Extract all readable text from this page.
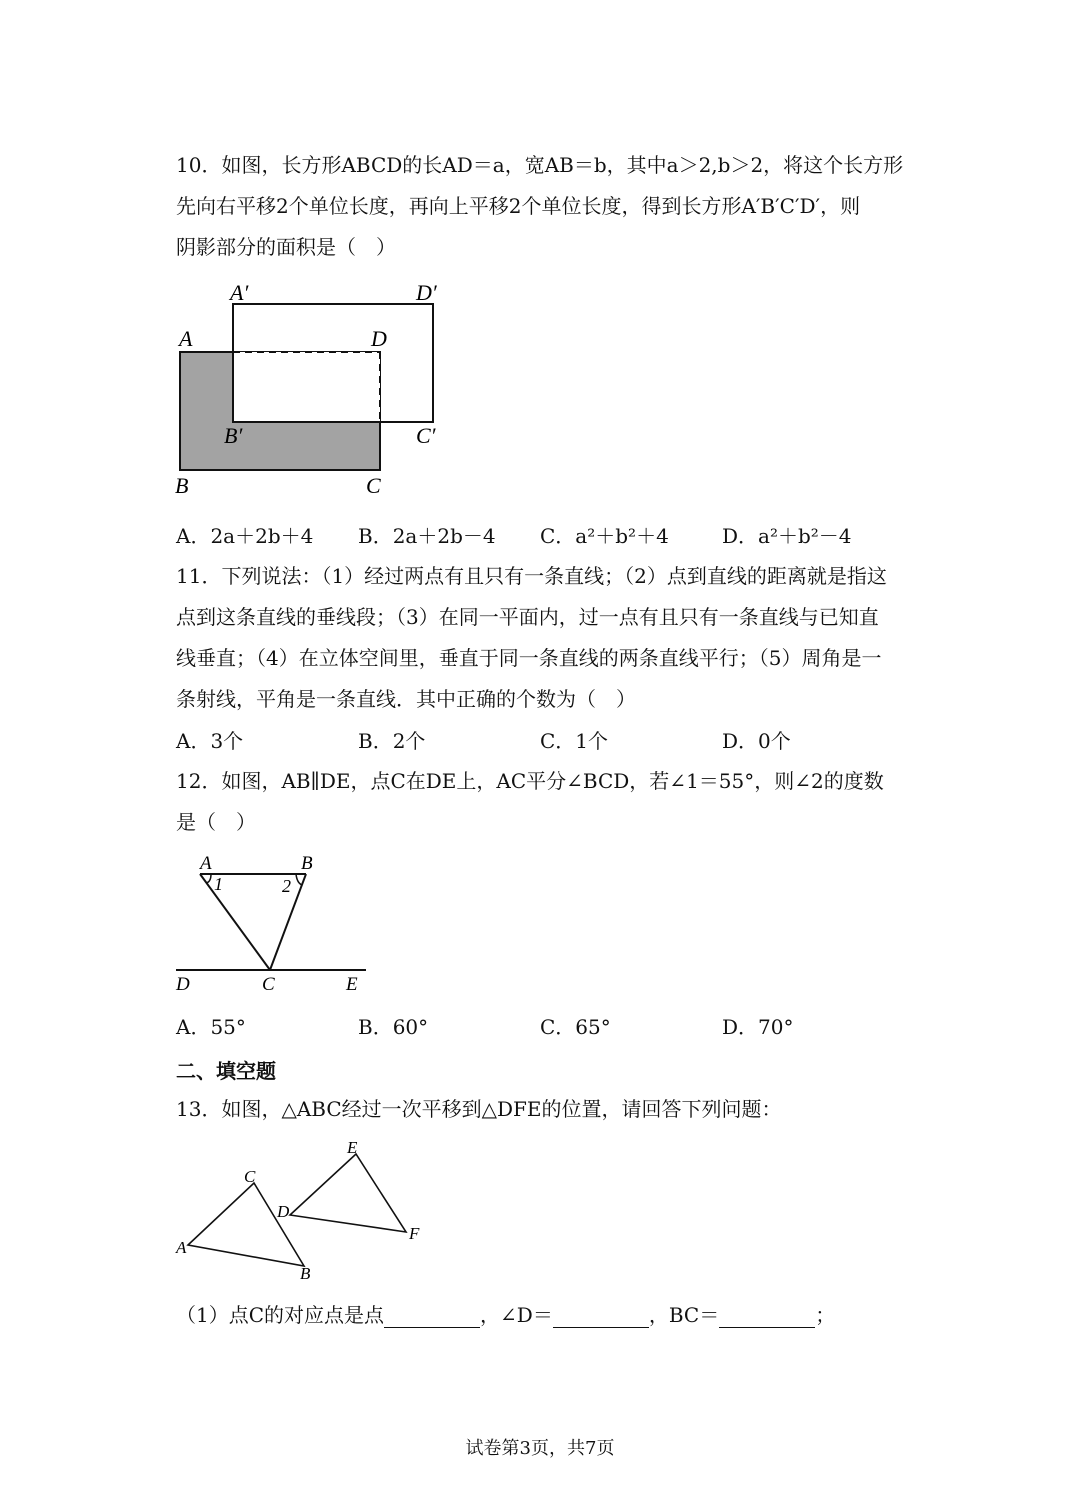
10．如图，长方形ABCD的长AD＝a，宽AB＝b，其中a＞2,b＞2，将这个长方形
先向右平移2个单位长度，再向上平移2个单位长度，得到长方形A′B′C′D′，则
阴影部分的面积是（　）
A′	D′
A	D
B′	C′
B	C
A．2a＋2b＋4 B．2a＋2b－4 C．a²＋b²＋4	D．a²＋b²－4
11．下列说法：（1）经过两点有且只有一条直线；（2）点到直线的距离就是指这
点到这条直线的垂线段；（3）在同一平面内，过一点有且只有一条直线与已知直
线垂直；（4）在立体空间里，垂直于同一条直线的两条直线平行；（5）周角是一
条射线，平角是一条直线．其中正确的个数为（　）
A．3个	B．2个	C．1个	D．0个
12．如图，AB∥DE，点C在DE上，AC平分∠BCD，若∠1＝55°，则∠2的度数
是（　）
A	B
1	2
D	C	E
A．55°	B．60°	C．65°	D．70°
二、填空题
13．如图，△ABC经过一次平移到△DFE的位置，请回答下列问题：
A
C
B
D
E
F
（1）点C的对应点是点	，∠D＝	，BC＝	；
试卷第3页，共7页
